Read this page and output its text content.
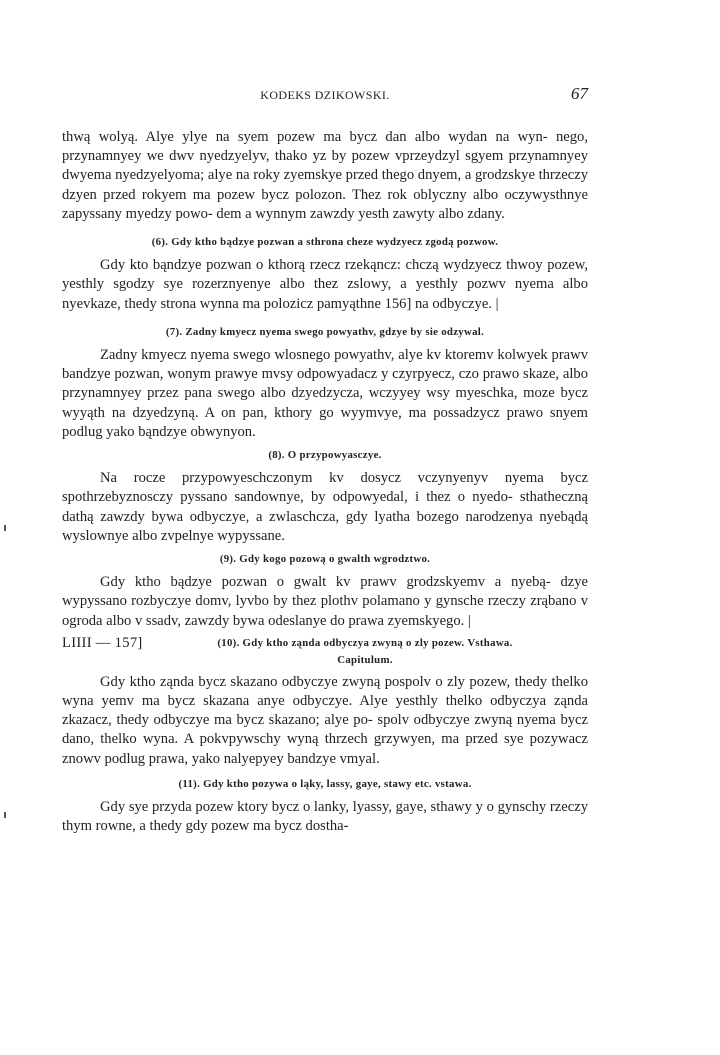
KODEKS DZIKOWSKI.	67

thwą wolyą. Alye ylye na syem pozew ma bycz dan albo wydan na wyn- nego, przynamnyey we dwv nyedzyelyv, thako yz by pozew vprzeydzyl sgyem przynamnyey dwyema nyedzyelyoma; alye na roky zyemskye przed thego dnyem, a grodzskye thrzeczy dzyen przed rokyem ma pozew bycz polozon. Thez rok oblyczny albo oczywysthnye zapyssany myedzy powo- dem a wynnym zawzdy yesth zawyty albo zdany.

(6). Gdy ktho bądzye pozwan a sthrona cheze wydzyecz zgodą pozwow.

Gdy kto bąndzye pozwan o kthorą rzecz rzekąncz: chczą wydzyecz thwoy pozew, yesthly sgodzy sye rozerznyenye albo thez zslowy, a yesthly pozwv nyema albo nyevkaze, thedy strona wynna ma polozicz pamyąthne 156] na odbyczye. |

(7). Zadny kmyecz nyema swego powyathv, gdzye by sie odzywal.

Zadny kmyecz nyema swego wlosnego powyathv, alye kv ktoremv kolwyek prawv bandzye pozwan, wonym prawye mvsy odpowyadacz y czyrpyecz, czo prawo skaze, albo przynamnyey przez pana swego albo dzyedzycza, wczyyey wsy myeschka, moze bycz wyyąth na dzyedzyną. A on pan, kthory go wyymvye, ma possadzycz prawo snyem podlug yako bąndzye obwynyon.

(8). O przypowyasczye.

Na rocze przypowyeschczonym kv dosycz vczynyenyv nyema bycz spothrzebyznosczy pyssano sandownye, by odpowyedal, i thez o nyedo- sthatheczną dathą zawzdy bywa odbyczye, a zwlaschcza, gdy lyatha bozego narodzenya nyebądą wyslownye albo zvpelnye wypyssane.

(9). Gdy kogo pozową o gwalth wgrodztwo.

Gdy ktho bądzye pozwan o gwalt kv prawv grodzskyemv a nyebą- dzye wypyssano rozbyczye domv, lyvbo by thez plothv polamano y gynsche rzeczy zrąbano v ogroda albo v ssadv, zawzdy bywa odeslanye do prawa zyemskyego. |

LIIII — 157]	(10). Gdy ktho ząnda odbyczya zwyną o zly pozew. Vsthawa.
Capitulum.

Gdy ktho ząnda bycz skazano odbyczye zwyną pospolv o zly pozew, thedy thelko wyna yemv ma bycz skazana anye odbyczye. Alye yesthly thelko odbyczya ząnda zkazacz, thedy odbyczye ma bycz skazano; alye po- spolv odbyczye zwyną nyema bycz dano, thelko wyna. A pokvpywschy wyną thrzech grzywyen, ma przed sye pozywacz znowv podlug prawa, yako nalyepyey bandzye vmyal.

(11). Gdy ktho pozywa o ląky, lassy, gaye, stawy etc. vstawa.

Gdy sye przyda pozew ktory bycz o lanky, lyassy, gaye, sthawy y o gynschy rzeczy thym rowne, a thedy gdy pozew ma bycz dostha-
